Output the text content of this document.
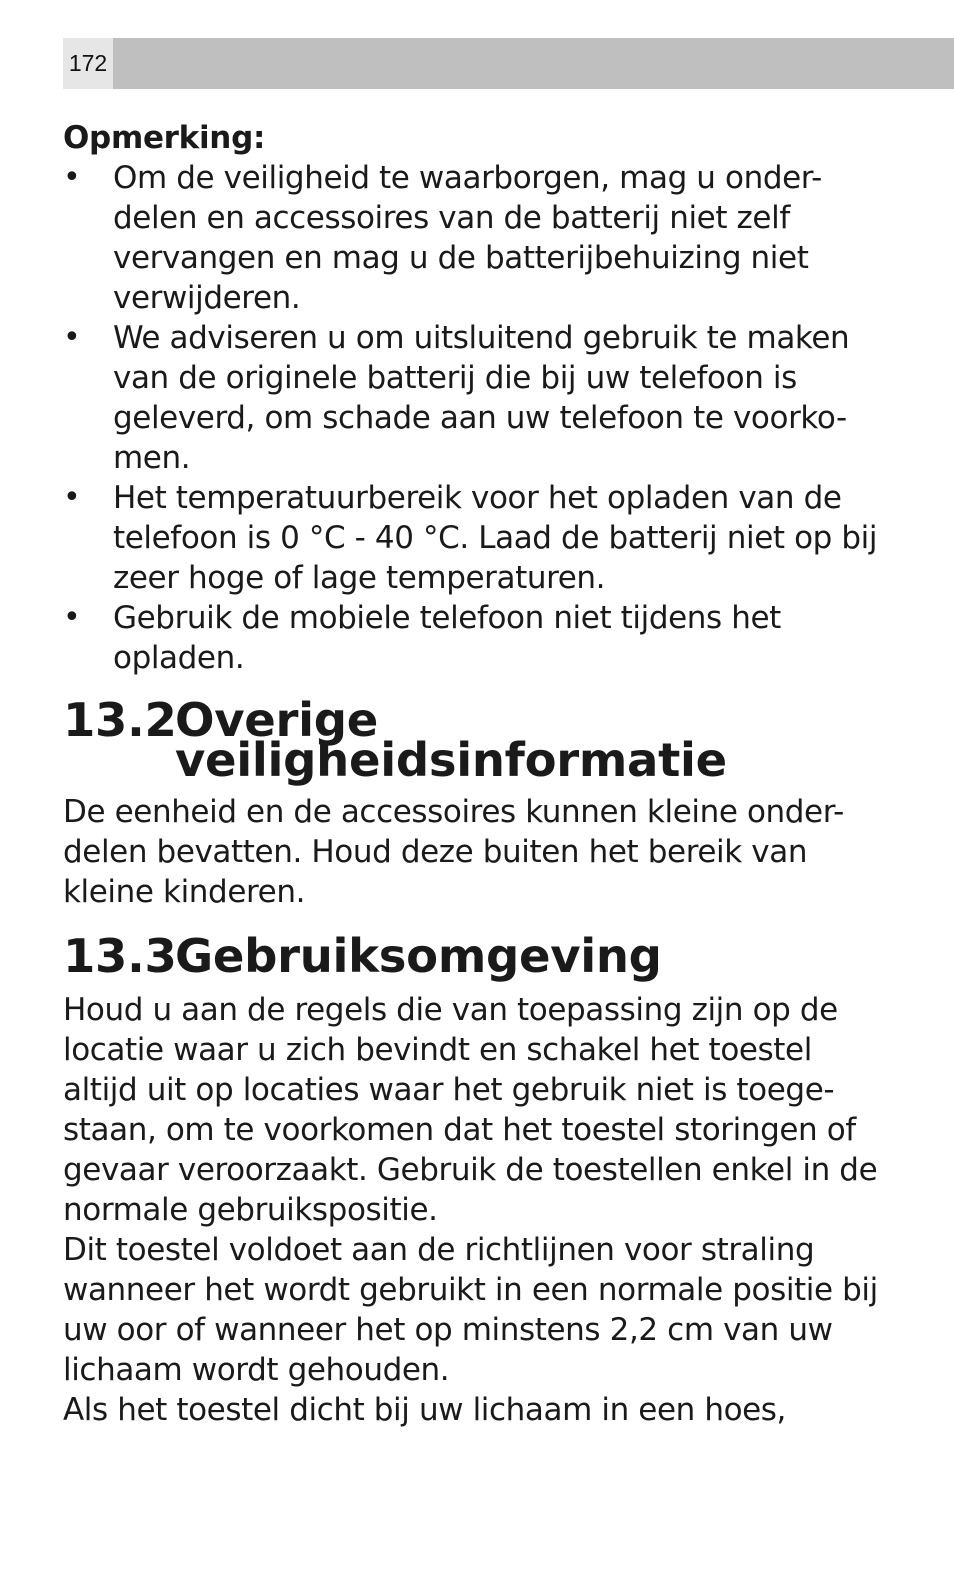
172
Opmerking:
• Om de veiligheid te waarborgen, mag u onder-delen en accessoires van de batterij niet zelf vervangen en mag u de batterijbehuizing niet verwijderen.
• We adviseren u om uitsluitend gebruik te maken van de originele batterij die bij uw telefoon is geleverd, om schade aan uw telefoon te voorko-men.
• Het temperatuurbereik voor het opladen van de telefoon is 0 °C - 40 °C. Laad de batterij niet op bij zeer hoge of lage temperaturen.
• Gebruik de mobiele telefoon niet tijdens het opladen.
13.2
Overige veiligheidsinformatie

De eenheid en de accessoires kunnen kleine onder-delen bevatten. Houd deze buiten het bereik van kleine kinderen.

13.3
Gebruiksomgeving

Houd u aan de regels die van toepassing zijn op de locatie waar u zich bevindt en schakel het toestel altijd uit op locaties waar het gebruik niet is toege-staan, om te voorkomen dat het toestel storingen of gevaar veroorzaakt. Gebruik de toestellen enkel in de normale gebruikspositie.

Dit toestel voldoet aan de richtlijnen voor straling wanneer het wordt gebruikt in een normale positie bij uw oor of wanneer het op minstens 2,2 cm van uw lichaam wordt gehouden.

Als het toestel dicht bij uw lichaam in een hoes,
